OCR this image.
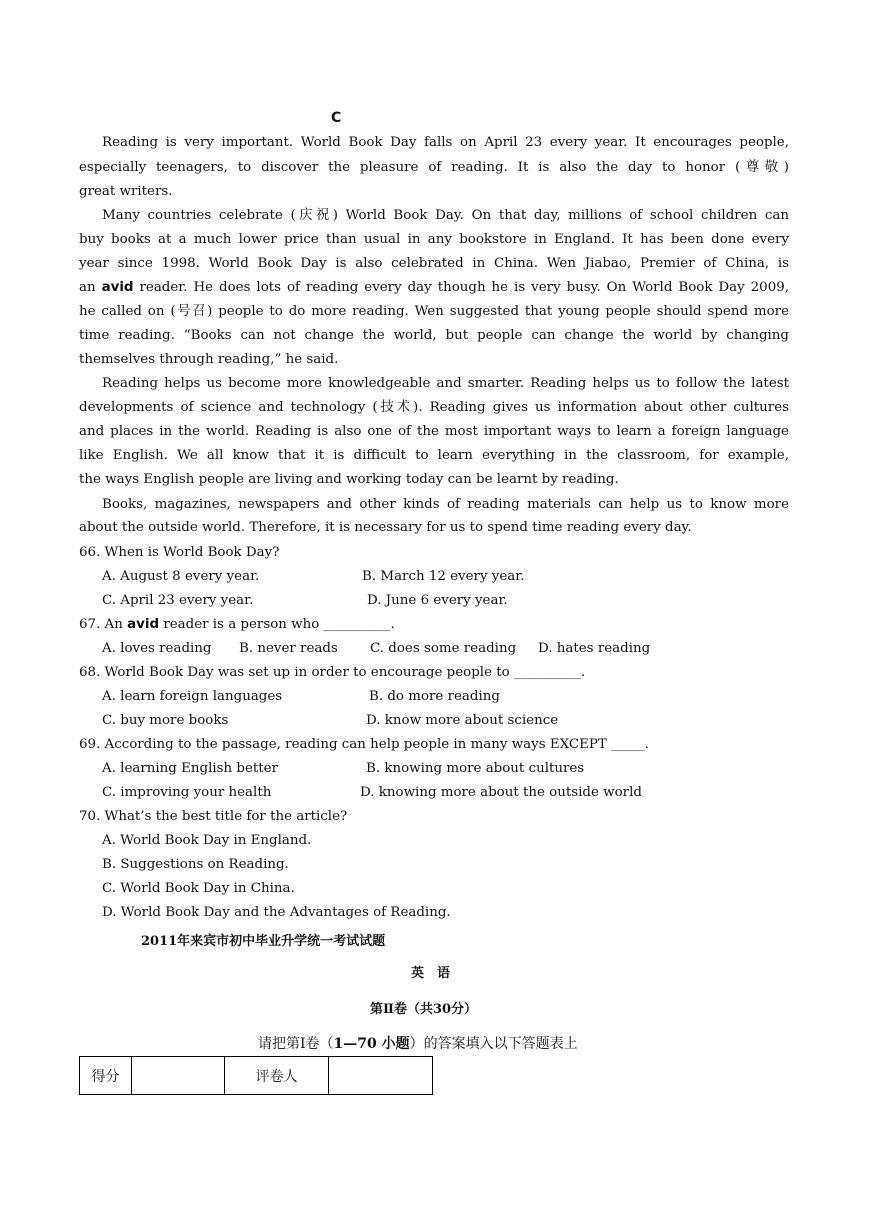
C
Reading is very important. World Book Day falls on April 23 every year. It encourages people,
especially teenagers, to discover the pleasure of reading. It is also the day to honor (尊敬)
great writers.
Many countries celebrate (庆祝) World Book Day. On that day, millions of school children can
buy books at a much lower price than usual in any bookstore in England. It has been done every
year since 1998. World Book Day is also celebrated in China. Wen Jiabao, Premier of China, is
an avid reader. He does lots of reading every day though he is very busy. On World Book Day 2009,
he called on (号召) people to do more reading. Wen suggested that young people should spend more
time reading. “Books can not change the world, but people can change the world by changing
themselves through reading,” he said.
Reading helps us become more knowledgeable and smarter. Reading helps us to follow the latest
developments of science and technology (技术). Reading gives us information about other cultures
and places in the world. Reading is also one of the most important ways to learn a foreign language
like English. We all know that it is difficult to learn everything in the classroom, for example,
the ways English people are living and working today can be learnt by reading.
Books, magazines, newspapers and other kinds of reading materials can help us to know more
about the outside world. Therefore, it is necessary for us to spend time reading every day.
66. When is World Book Day?
A. August 8 every year.	B. March 12 every year.
C. April 23 every year.	D. June 6 every year.
67. An avid reader is a person who __________.
A. loves reading B. never reads C. does some reading D. hates reading
68. World Book Day was set up in order to encourage people to __________.
A. learn foreign languages	B. do more reading
C. buy more books	D. know more about science
69. According to the passage, reading can help people in many ways EXCEPT _____.
A. learning English better	B. knowing more about cultures
C. improving your health	D. knowing more about the outside world
70. What’s the best title for the article?
A. World Book Day in England.
B. Suggestions on Reading.
C. World Book Day in China.
D. World Book Day and the Advantages of Reading.
2011年来宾市初中毕业升学统一考试试题
英　语
第Ⅱ卷（共30分）
请把第Ⅰ卷（1—70 小题）的答案填入以下答题表上
得分		评卷人	
